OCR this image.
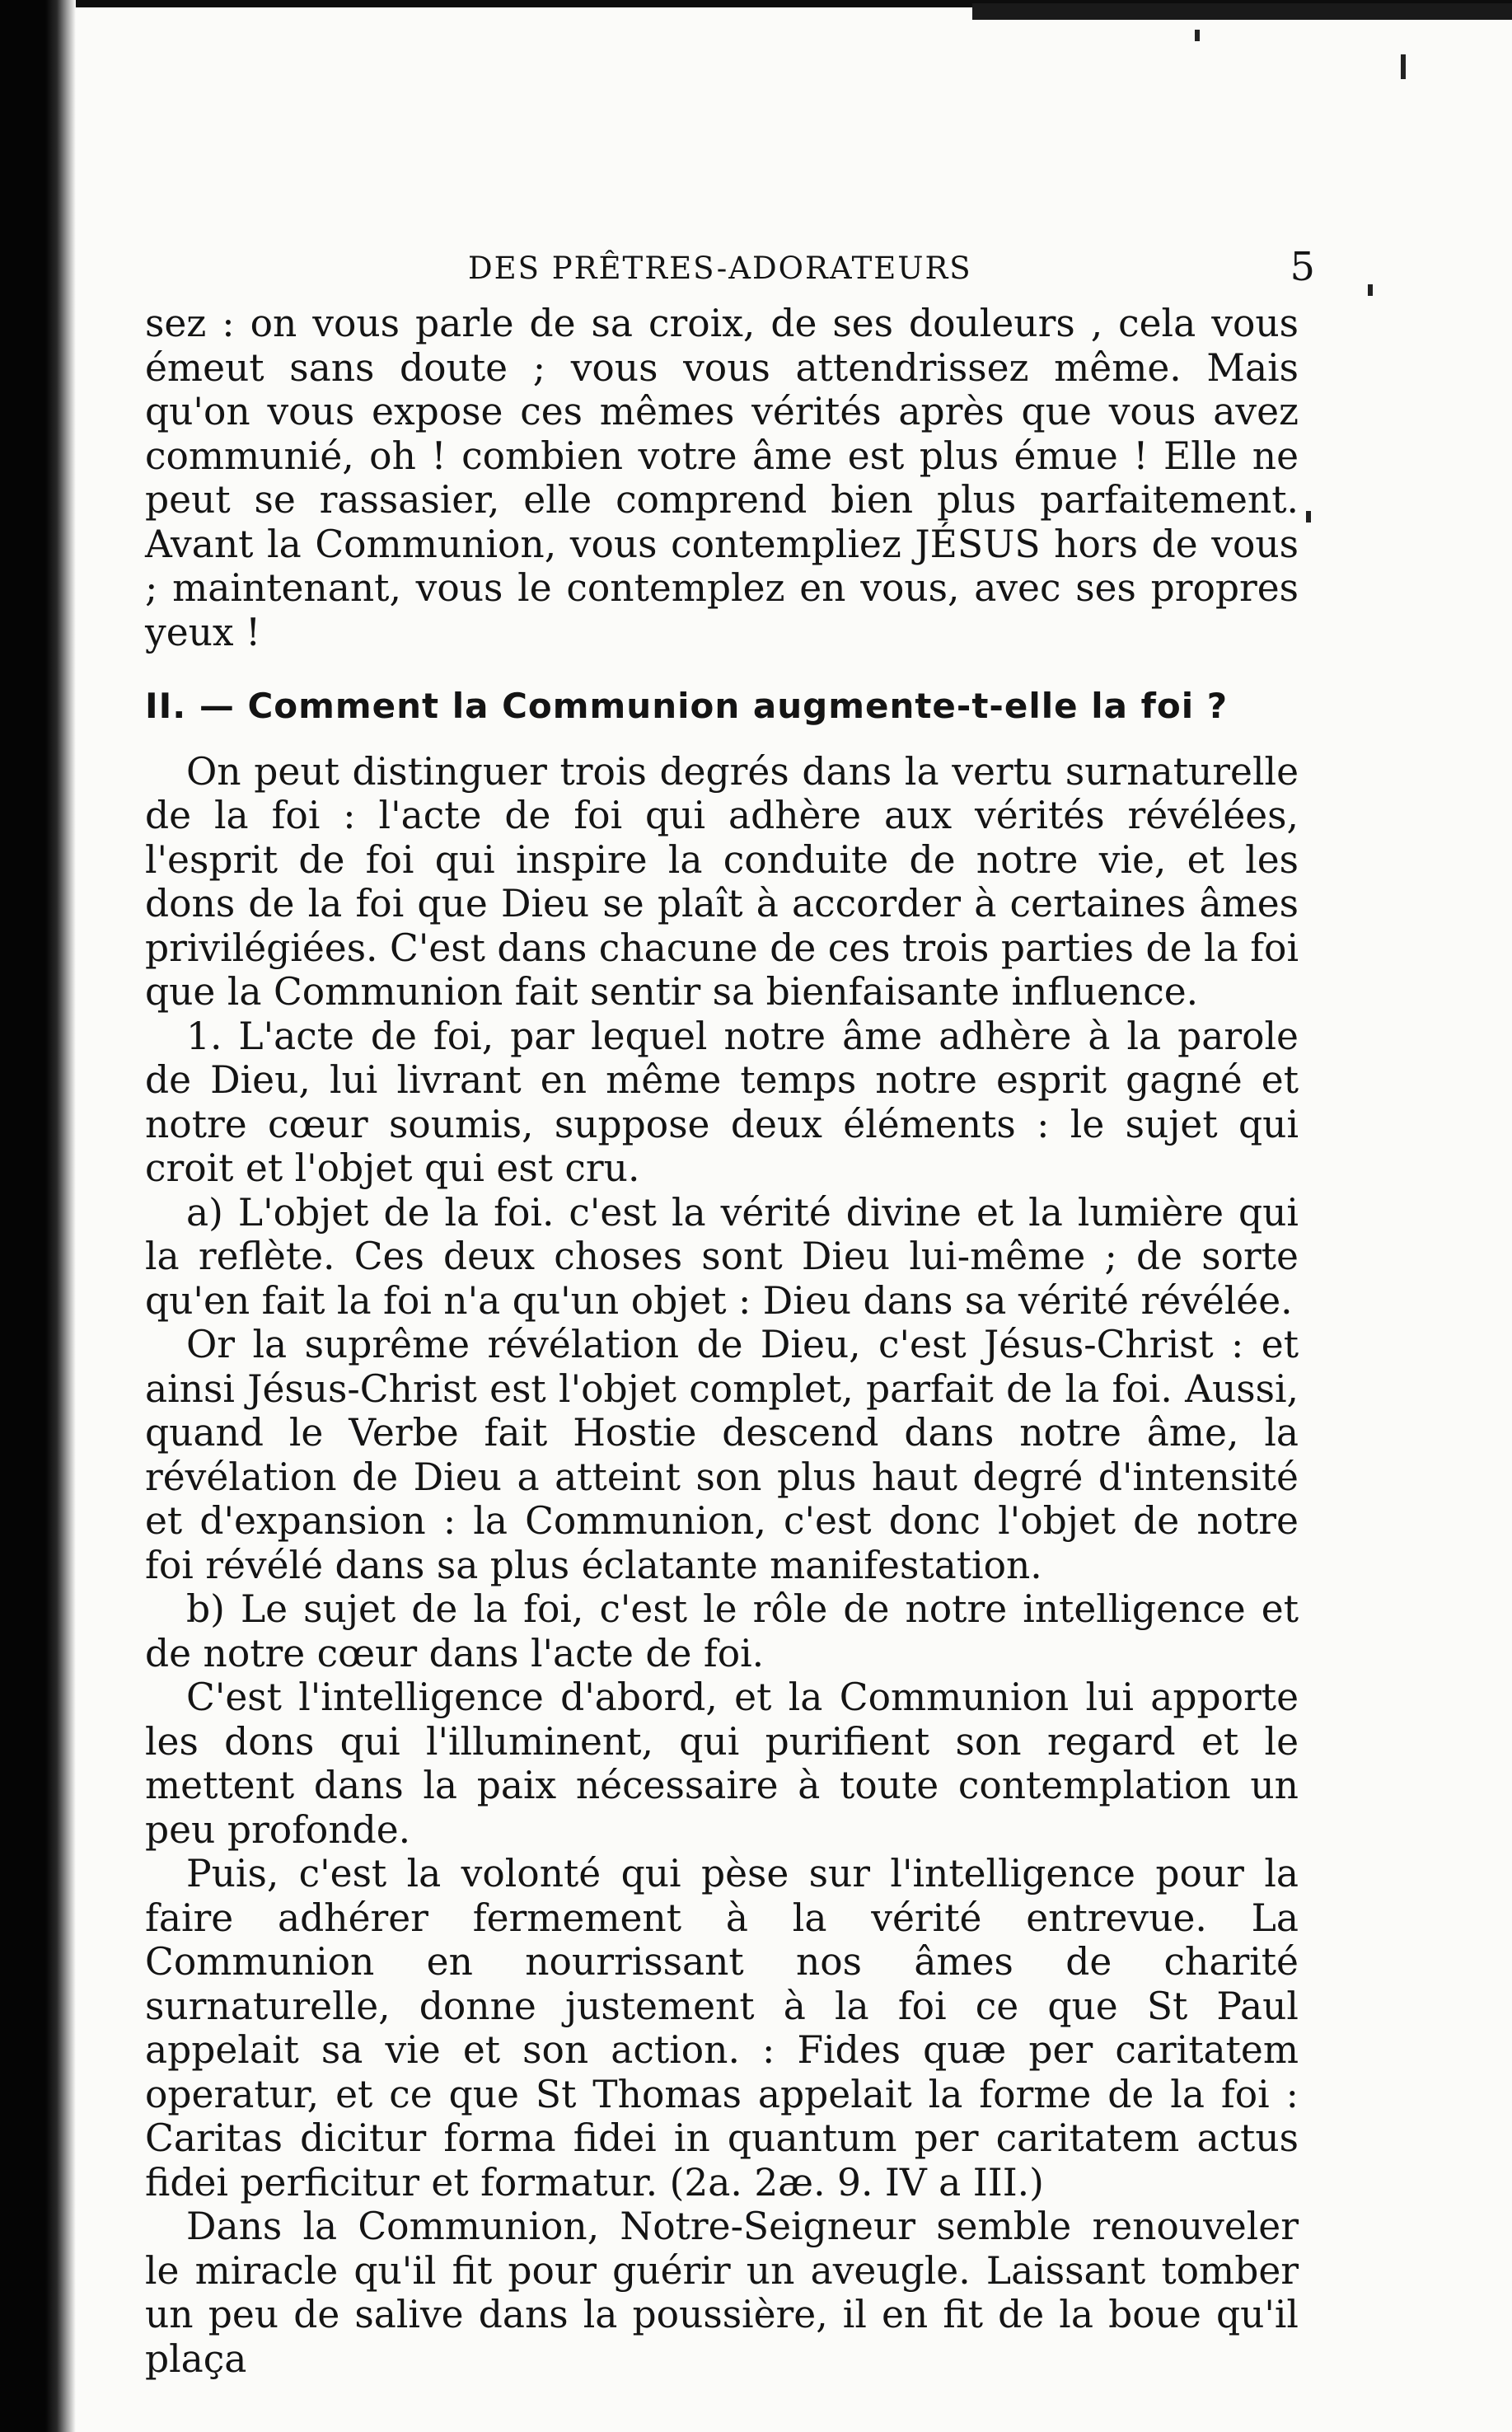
DES PRÊTRES-ADORATEURS	5

sez : on vous parle de sa croix, de ses douleurs , cela vous émeut sans doute ; vous vous attendrissez même. Mais qu'on vous expose ces mêmes vérités après que vous avez communié, oh ! combien votre âme est plus émue ! Elle ne peut se rassasier, elle comprend bien plus parfaitement. Avant la Communion, vous contempliez JÉSUS hors de vous ; maintenant, vous le contemplez en vous, avec ses propres yeux !

II. — Comment la Communion augmente-t-elle la foi ?

On peut distinguer trois degrés dans la vertu surnaturelle de la foi : l'acte de foi qui adhère aux vérités révélées, l'esprit de foi qui inspire la conduite de notre vie, et les dons de la foi que Dieu se plaît à accorder à certaines âmes privilégiées. C'est dans chacune de ces trois parties de la foi que la Communion fait sentir sa bienfaisante influence.

1. L'acte de foi, par lequel notre âme adhère à la parole de Dieu, lui livrant en même temps notre esprit gagné et notre cœur soumis, suppose deux éléments : le sujet qui croit et l'objet qui est cru.

a) L'objet de la foi. c'est la vérité divine et la lumière qui la reflète. Ces deux choses sont Dieu lui-même ; de sorte qu'en fait la foi n'a qu'un objet : Dieu dans sa vérité révélée.

Or la suprême révélation de Dieu, c'est Jésus-Christ : et ainsi Jésus-Christ est l'objet complet, parfait de la foi. Aussi, quand le Verbe fait Hostie descend dans notre âme, la révélation de Dieu a atteint son plus haut degré d'intensité et d'expansion : la Communion, c'est donc l'objet de notre foi révélé dans sa plus éclatante manifestation.

b) Le sujet de la foi, c'est le rôle de notre intelligence et de notre cœur dans l'acte de foi.

C'est l'intelligence d'abord, et la Communion lui apporte les dons qui l'illuminent, qui purifient son regard et le mettent dans la paix nécessaire à toute contemplation un peu profonde.

Puis, c'est la volonté qui pèse sur l'intelligence pour la faire adhérer fermement à la vérité entrevue. La Communion en nourrissant nos âmes de charité surnaturelle, donne justement à la foi ce que St Paul appelait sa vie et son action. : Fides quæ per caritatem operatur, et ce que St Thomas appelait la forme de la foi : Caritas dicitur forma fidei in quantum per caritatem actus fidei perficitur et formatur. (2a. 2æ. 9. IV a III.)

Dans la Communion, Notre-Seigneur semble renouveler le miracle qu'il fit pour guérir un aveugle. Laissant tomber un peu de salive dans la poussière, il en fit de la boue qu'il plaça
